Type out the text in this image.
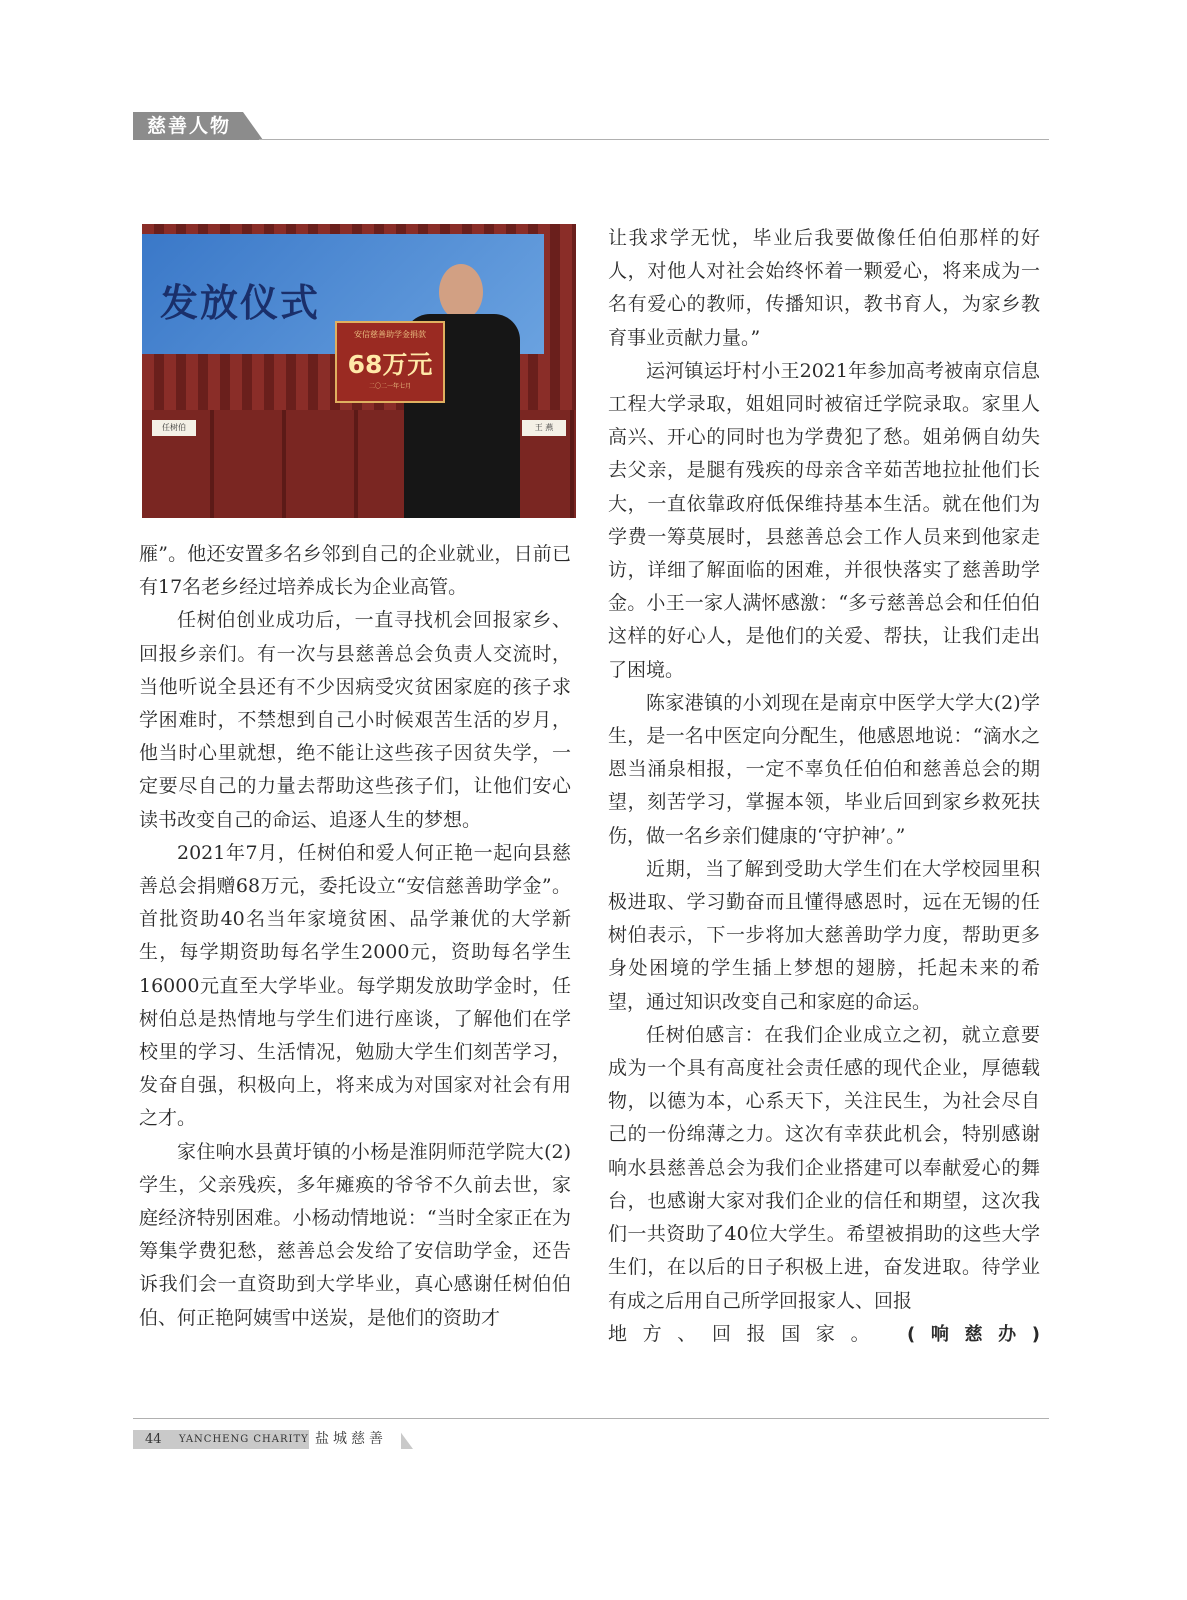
慈善人物
发放仪式
任树伯	王 燕
安信慈善助学金捐款
68万元
二〇二一年七月

雁”。他还安置多名乡邻到自己的企业就业，日前已有17名老乡经过培养成长为企业高管。

任树伯创业成功后，一直寻找机会回报家乡、回报乡亲们。有一次与县慈善总会负责人交流时，当他听说全县还有不少因病受灾贫困家庭的孩子求学困难时，不禁想到自己小时候艰苦生活的岁月，他当时心里就想，绝不能让这些孩子因贫失学，一定要尽自己的力量去帮助这些孩子们，让他们安心读书改变自己的命运、追逐人生的梦想。

2021年7月，任树伯和爱人何正艳一起向县慈善总会捐赠68万元，委托设立“安信慈善助学金”。首批资助40名当年家境贫困、品学兼优的大学新生，每学期资助每名学生2000元，资助每名学生16000元直至大学毕业。每学期发放助学金时，任树伯总是热情地与学生们进行座谈，了解他们在学校里的学习、生活情况，勉励大学生们刻苦学习，发奋自强，积极向上，将来成为对国家对社会有用之才。

家住响水县黄圩镇的小杨是淮阴师范学院大(2)学生，父亲残疾，多年瘫痪的爷爷不久前去世，家庭经济特别困难。小杨动情地说：“当时全家正在为筹集学费犯愁，慈善总会发给了安信助学金，还告诉我们会一直资助到大学毕业，真心感谢任树伯伯伯、何正艳阿姨雪中送炭，是他们的资助才

让我求学无忧，毕业后我要做像任伯伯那样的好人，对他人对社会始终怀着一颗爱心，将来成为一名有爱心的教师，传播知识，教书育人，为家乡教育事业贡献力量。”

运河镇运圩村小王2021年参加高考被南京信息工程大学录取，姐姐同时被宿迁学院录取。家里人高兴、开心的同时也为学费犯了愁。姐弟俩自幼失去父亲，是腿有残疾的母亲含辛茹苦地拉扯他们长大，一直依靠政府低保维持基本生活。就在他们为学费一筹莫展时，县慈善总会工作人员来到他家走访，详细了解面临的困难，并很快落实了慈善助学金。小王一家人满怀感激：“多亏慈善总会和任伯伯这样的好心人，是他们的关爱、帮扶，让我们走出了困境。

陈家港镇的小刘现在是南京中医学大学大(2)学生，是一名中医定向分配生，他感恩地说：“滴水之恩当涌泉相报，一定不辜负任伯伯和慈善总会的期望，刻苦学习，掌握本领，毕业后回到家乡救死扶伤，做一名乡亲们健康的‘守护神’。”

近期，当了解到受助大学生们在大学校园里积极进取、学习勤奋而且懂得感恩时，远在无锡的任树伯表示，下一步将加大慈善助学力度，帮助更多身处困境的学生插上梦想的翅膀，托起未来的希望，通过知识改变自己和家庭的命运。

任树伯感言：在我们企业成立之初，就立意要成为一个具有高度社会责任感的现代企业，厚德载物，以德为本，心系天下，关注民生，为社会尽自己的一份绵薄之力。这次有幸获此机会，特别感谢响水县慈善总会为我们企业搭建可以奉献爱心的舞台，也感谢大家对我们企业的信任和期望，这次我们一共资助了40位大学生。希望被捐助的这些大学生们，在以后的日子积极上进，奋发进取。待学业有成之后用自己所学回报家人、回报

地方、回报国家。 (响慈办)

44 YANCHENG CHARITY 盐城慈善
